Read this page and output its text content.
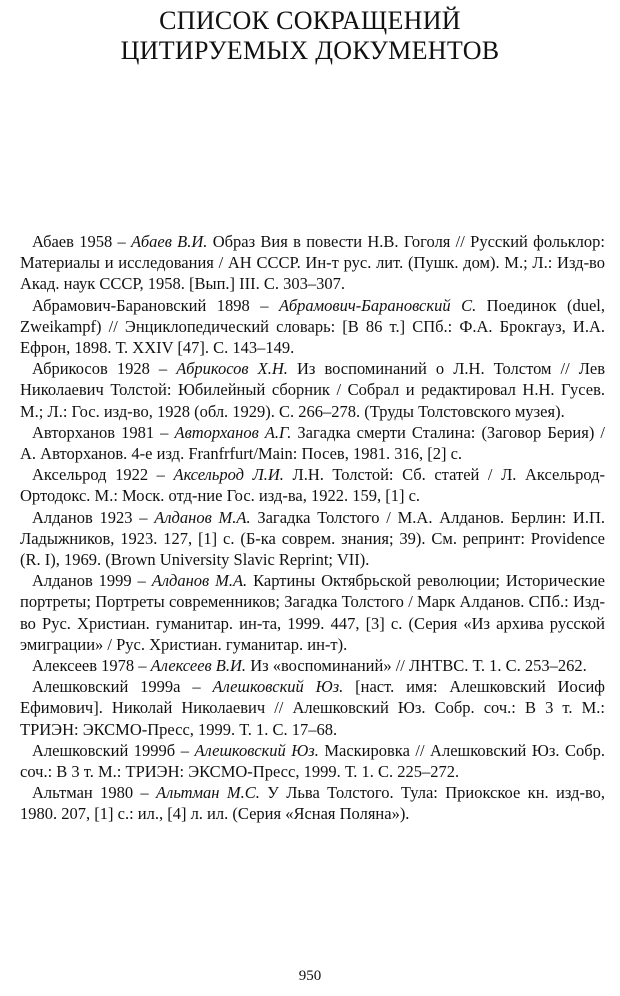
СПИСОК СОКРАЩЕНИЙ
ЦИТИРУЕМЫХ ДОКУМЕНТОВ

Абаев 1958 – Абаев В.И. Образ Вия в повести Н.В. Гоголя // Русский фольклор: Материалы и исследования / АН СССР. Ин-т рус. лит. (Пушк. дом). М.; Л.: Изд-во Акад. наук СССР, 1958. [Вып.] III. С. 303–307.

Абрамович-Барановский 1898 – Абрамович-Барановский С. Поединок (duel, Zweikampf) // Энциклопедический словарь: [В 86 т.] СПб.: Ф.А. Брокгауз, И.А. Ефрон, 1898. Т. XXIV [47]. С. 143–149.

Абрикосов 1928 – Абрикосов Х.Н. Из воспоминаний о Л.Н. Толстом // Лев Николаевич Толстой: Юбилейный сборник / Собрал и редактировал Н.Н. Гусев. М.; Л.: Гос. изд-во, 1928 (обл. 1929). С. 266–278. (Труды Толстовского музея).

Авторханов 1981 – Авторханов А.Г. Загадка смерти Сталина: (Заговор Берия) / А. Авторханов. 4-е изд. Franfrfurt/Main: Посев, 1981. 316, [2] с.

Аксельрод 1922 – Аксельрод Л.И. Л.Н. Толстой: Сб. статей / Л. Аксельрод-Ортодокс. М.: Моск. отд-ние Гос. изд-ва, 1922. 159, [1] с.

Алданов 1923 – Алданов М.А. Загадка Толстого / М.А. Алданов. Берлин: И.П. Ладыжников, 1923. 127, [1] с. (Б-ка соврем. знания; 39). См. репринт: Providence (R. I), 1969. (Brown University Slavic Reprint; VII).

Алданов 1999 – Алданов М.А. Картины Октябрьской революции; Исторические портреты; Портреты современников; Загадка Толстого / Марк Алданов. СПб.: Изд-во Рус. Христиан. гуманитар. ин-та, 1999. 447, [3] с. (Серия «Из архива русской эмиграции» / Рус. Христиан. гуманитар. ин-т).

Алексеев 1978 – Алексеев В.И. Из «воспоминаний» // ЛНТВС. Т. 1. С. 253–262.

Алешковский 1999а – Алешковский Юз. [наст. имя: Алешковский Иосиф Ефимович]. Николай Николаевич // Алешковский Юз. Собр. соч.: В 3 т. М.: ТРИЭН: ЭКСМО-Пресс, 1999. Т. 1. С. 17–68.

Алешковский 1999б – Алешковский Юз. Маскировка // Алешковский Юз. Собр. соч.: В 3 т. М.: ТРИЭН: ЭКСМО-Пресс, 1999. Т. 1. С. 225–272.

Альтман 1980 – Альтман М.С. У Льва Толстого. Тула: Приокское кн. изд-во, 1980. 207, [1] с.: ил., [4] л. ил. (Серия «Ясная Поляна»).

950
